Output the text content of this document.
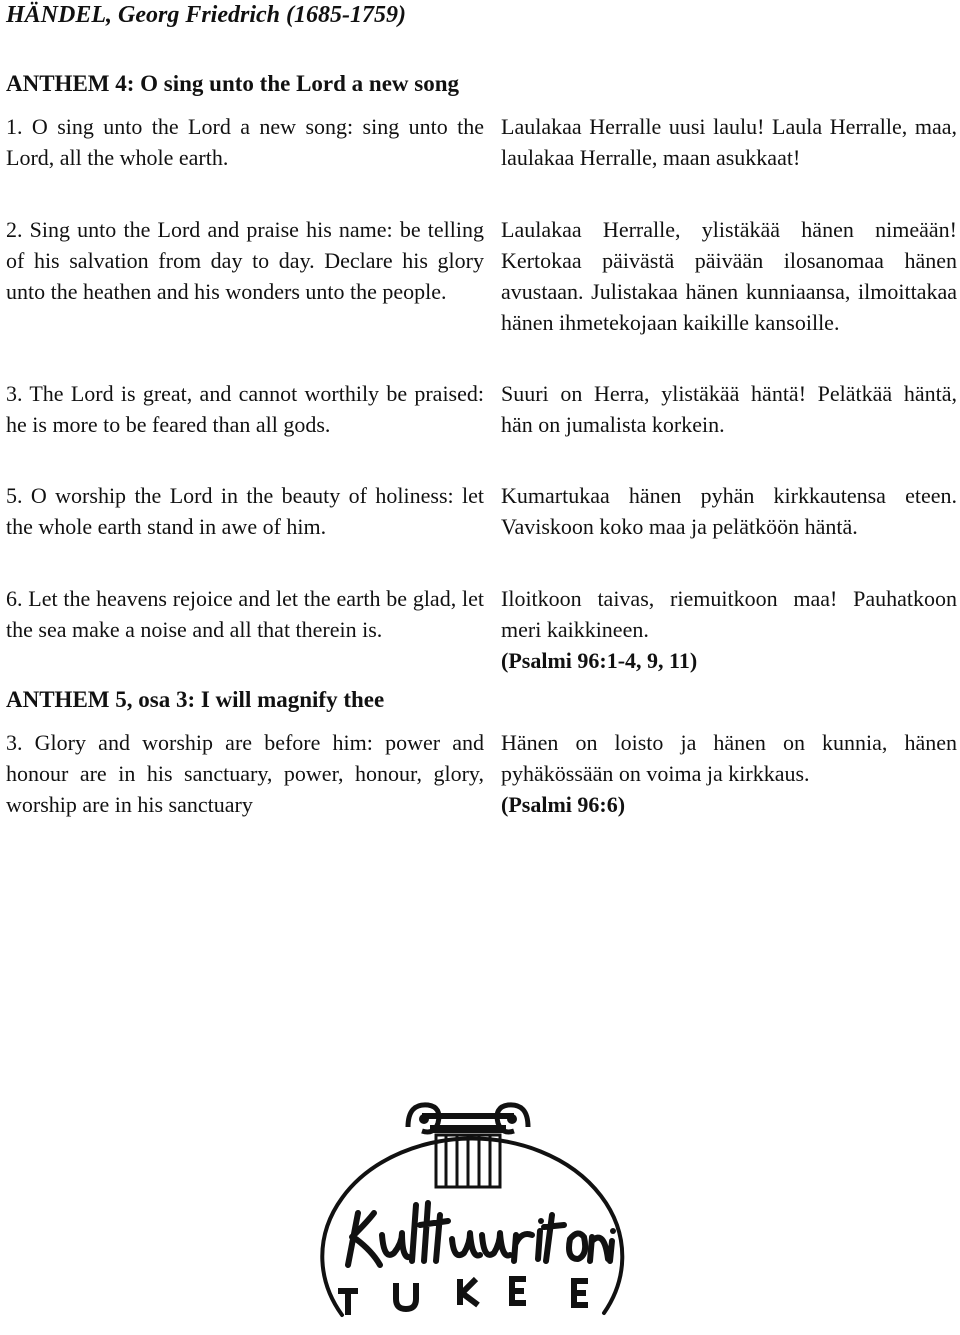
HÄNDEL, Georg Friedrich (1685-1759)
ANTHEM 4: O sing unto the Lord a new song
1. O sing unto the Lord a new song: sing unto the Lord, all the whole earth.
Laulakaa Herralle uusi laulu! Laula Herralle, maa, laulakaa Herralle, maan asukkaat!
2. Sing unto the Lord and praise his name: be telling of his salvation from day to day. Declare his glory unto the heathen and his wonders unto the people.
Laulakaa Herralle, ylistäkää hänen nimeään! Kertokaa päivästä päivään ilosanomaa hänen avustaan. Julistakaa hänen kunniaansa, ilmoittakaa hänen ihmetekojaan kaikille kansoille.
3. The Lord is great, and cannot worthily be praised: he is more to be feared than all gods.
Suuri on Herra, ylistäkää häntä! Pelätkää häntä, hän on jumalista korkein.
5. O worship the Lord in the beauty of holiness: let the whole earth stand in awe of him.
Kumartukaa hänen pyhän kirkkautensa eteen. Vaviskoon koko maa ja pelätköön häntä.
6. Let the heavens rejoice and let the earth be glad, let the sea make a noise and all that therein is.
Iloitkoon taivas, riemuitkoon maa! Pauhatkoon meri kaikkineen.
(Psalmi 96:1-4, 9, 11)
ANTHEM 5, osa 3: I will magnify thee
3. Glory and worship are before him: power and honour are in his sanctuary, power, honour, glory, worship are in his sanctuary
Hänen on loisto ja hänen on kunnia, hänen pyhäkössään on voima ja kirkkaus.
(Psalmi 96:6)
